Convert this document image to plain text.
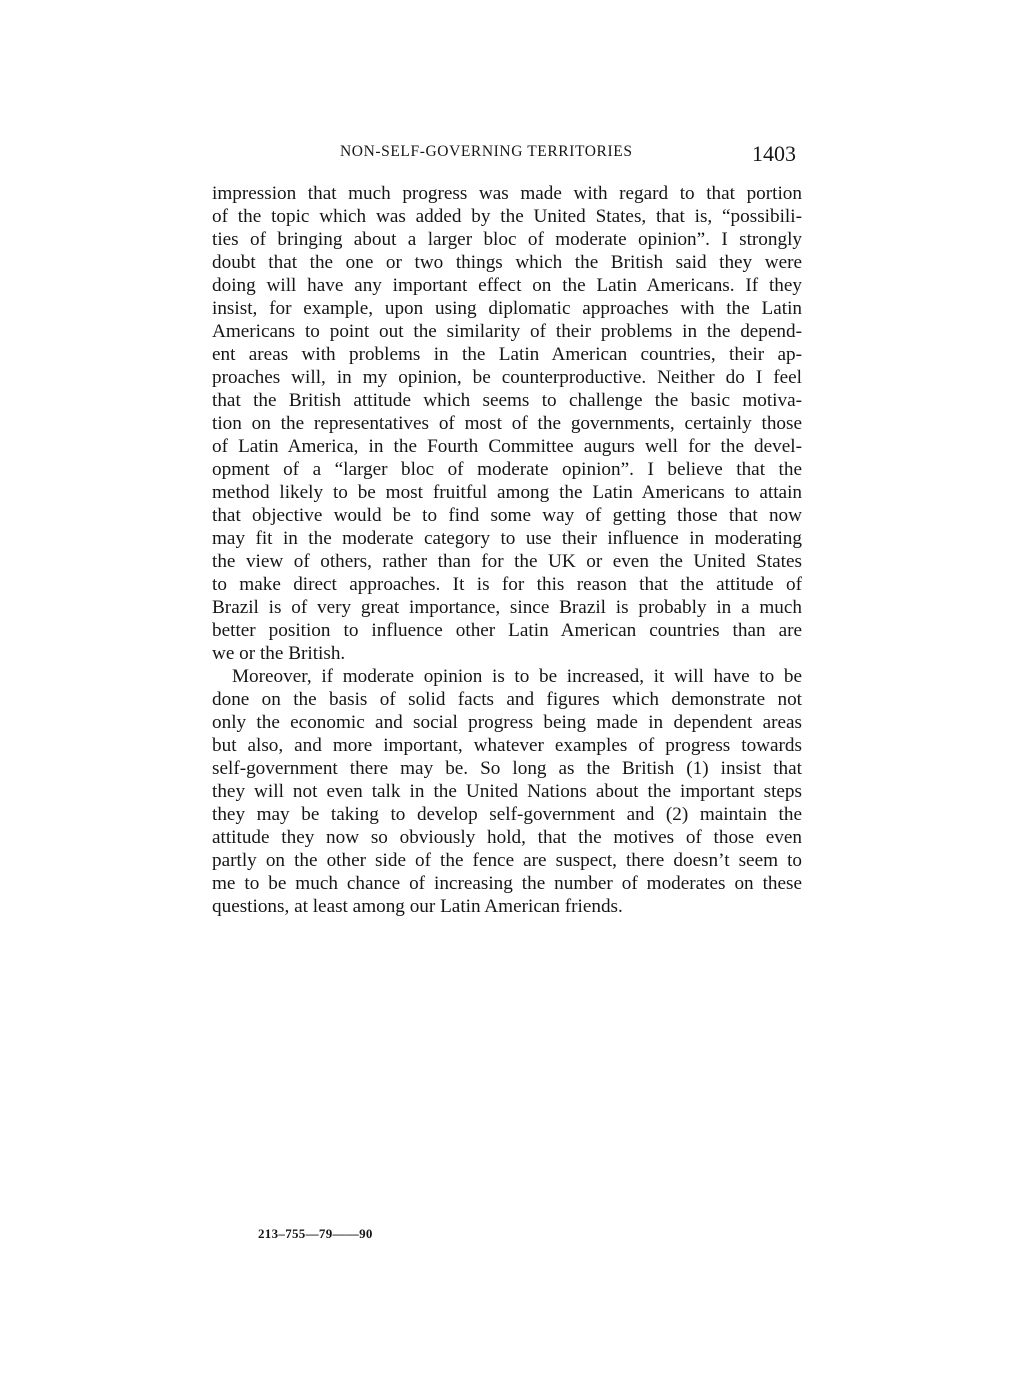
NON-SELF-GOVERNING TERRITORIES	1403
impression that much progress was made with regard to that portion
of the topic which was added by the United States, that is, “possibili-
ties of bringing about a larger bloc of moderate opinion”. I strongly
doubt that the one or two things which the British said they were
doing will have any important effect on the Latin Americans. If they
insist, for example, upon using diplomatic approaches with the Latin
Americans to point out the similarity of their problems in the depend-
ent areas with problems in the Latin American countries, their ap-
proaches will, in my opinion, be counterproductive. Neither do I feel
that the British attitude which seems to challenge the basic motiva-
tion on the representatives of most of the governments, certainly those
of Latin America, in the Fourth Committee augurs well for the devel-
opment of a “larger bloc of moderate opinion”. I believe that the
method likely to be most fruitful among the Latin Americans to attain
that objective would be to find some way of getting those that now
may fit in the moderate category to use their influence in moderating
the view of others, rather than for the UK or even the United States
to make direct approaches. It is for this reason that the attitude of
Brazil is of very great importance, since Brazil is probably in a much
better position to influence other Latin American countries than are
we or the British.
Moreover, if moderate opinion is to be increased, it will have to be
done on the basis of solid facts and figures which demonstrate not
only the economic and social progress being made in dependent areas
but also, and more important, whatever examples of progress towards
self-government there may be. So long as the British (1) insist that
they will not even talk in the United Nations about the important steps
they may be taking to develop self-government and (2) maintain the
attitude they now so obviously hold, that the motives of those even
partly on the other side of the fence are suspect, there doesn’t seem to
me to be much chance of increasing the number of moderates on these
questions, at least among our Latin American friends.
213–755—79——90
